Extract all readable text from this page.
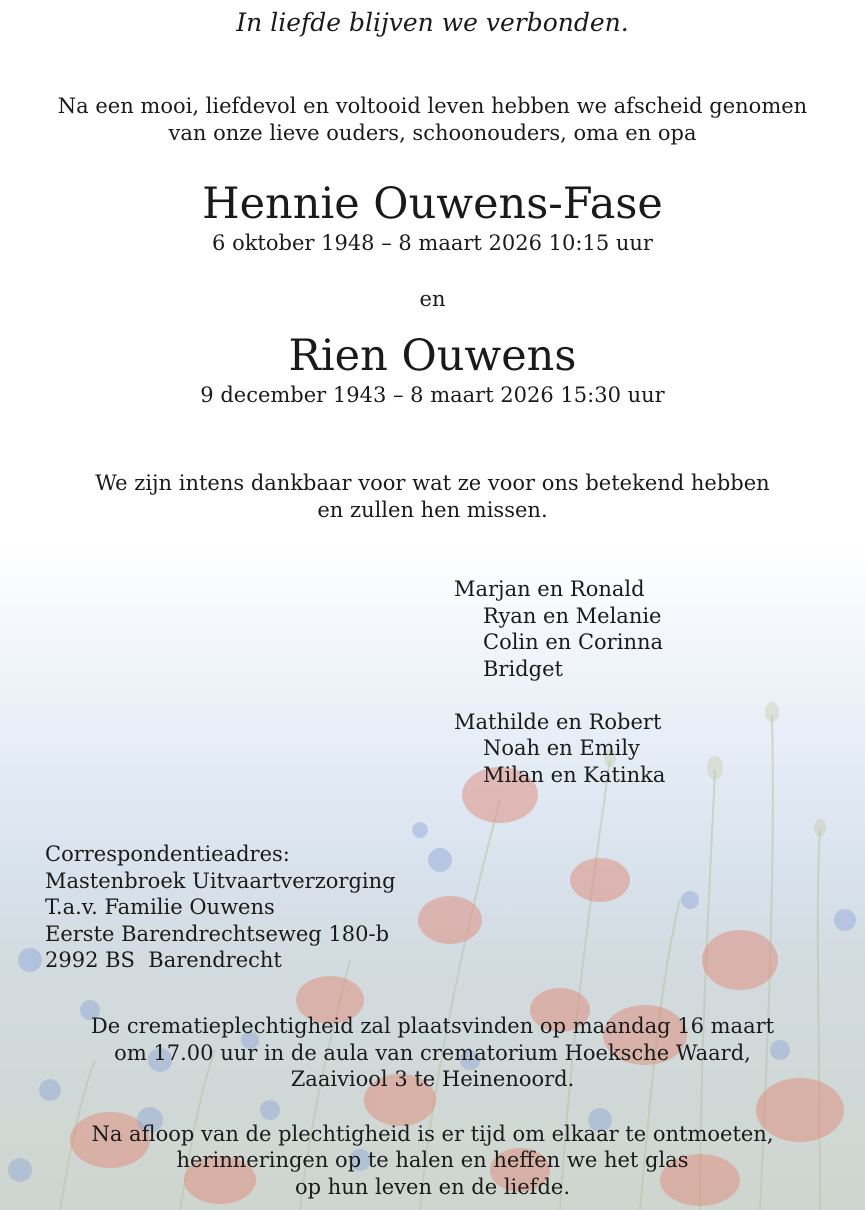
In liefde blijven we verbonden.
Na een mooi, liefdevol en voltooid leven hebben we afscheid genomen
van onze lieve ouders, schoonouders, oma en opa
Hennie Ouwens-Fase
6 oktober 1948 – 8 maart 2026 10:15 uur
en
Rien Ouwens
9 december 1943 – 8 maart 2026 15:30 uur
We zijn intens dankbaar voor wat ze voor ons betekend hebben
en zullen hen missen.
Marjan en Ronald
Ryan en Melanie
Colin en Corinna
Bridget
Mathilde en Robert
Noah en Emily
Milan en Katinka
Correspondentieadres:
Mastenbroek Uitvaartverzorging
T.a.v. Familie Ouwens
Eerste Barendrechtseweg 180-b
2992 BS  Barendrecht
De crematieplechtigheid zal plaatsvinden op maandag 16 maart
om 17.00 uur in de aula van crematorium Hoeksche Waard,
Zaaiviool 3 te Heinenoord.
Na afloop van de plechtigheid is er tijd om elkaar te ontmoeten,
herinneringen op te halen en heffen we het glas
op hun leven en de liefde.
